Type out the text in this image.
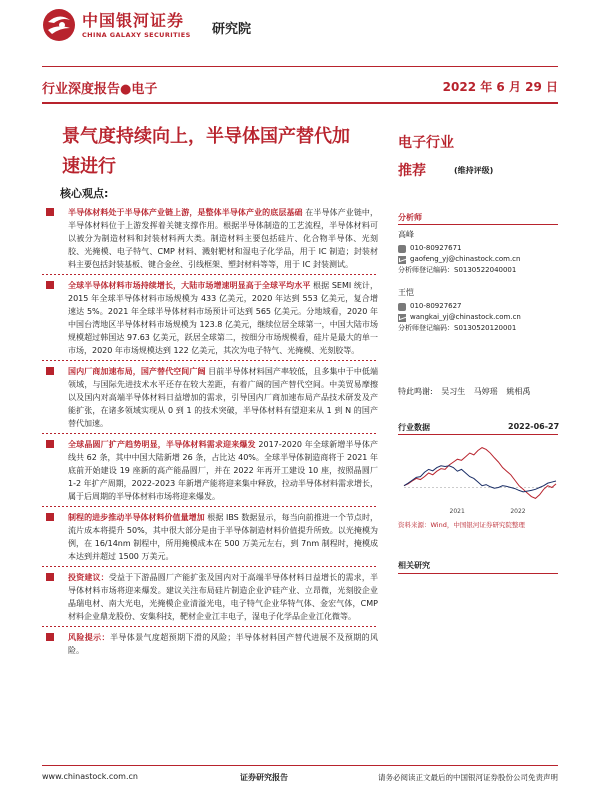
中国银河证券
CHINA GALAXY SECURITIES 研究院
行业深度报告●电子	2022 年 6 月 29 日
景气度持续向上，半导体国产替代加速进行
核心观点:
电子行业
推荐	(维持评级)
分析师
高峰
010-80927671
gaofeng_yj@chinastock.com.cn
分析师登记编码：S0130522040001
王恺
010-80927627
wangkai_yj@chinastock.com.cn
分析师登记编码：S0130520120001
特此鸣谢: 吴习生 马婷瑶 姚相禹
行业数据	2022-06-27
2021	2022
资料来源：Wind，中国银河证券研究院整理
相关研究
半导体材料处于半导体产业链上游，是整体半导体产业的底层基础 在半导体产业链中，半导体材料位于上游发挥着关键支撑作用。根据半导体制造的工艺流程，半导体材料可以被分为制造材料和封装材料两大类。制造材料主要包括硅片、化合物半导体、光刻胶、光掩模、电子特气、CMP 材料、溅射靶材和湿电子化学品，用于 IC 制造；封装材料主要包括封装基板、键合金丝、引线框架、塑封材料等等，用于 IC 封装测试。
全球半导体材料市场持续增长，大陆市场增速明显高于全球平均水平 根据 SEMI 统计，2015 年全球半导体材料市场规模为 433 亿美元，2020 年达到 553 亿美元，复合增速达 5%。2021 年全球半导体材料市场预计可达到 565 亿美元。分地域看，2020 年中国台湾地区半导体材料市场规模为 123.8 亿美元，继续位居全球第一，中国大陆市场规模超过韩国达 97.63 亿美元，跃居全球第二，按细分市场规模看，硅片是最大的单一市场，2020 年市场规模达到 122 亿美元，其次为电子特气、光掩模、光刻胶等。
国内厂商加速布局，国产替代空间广阔 目前半导体材料国产率较低，且多集中于中低端领域，与国际先进技术水平还存在较大差距，有着广阔的国产替代空间。中美贸易摩擦以及国内对高端半导体材料日益增加的需求，引导国内厂商加速布局产品技术研发及产能扩张，在诸多领域实现从 0 到 1 的技术突破，半导体材料有望迎来从 1 到 N 的国产替代加速。
全球晶圆厂扩产趋势明显，半导体材料需求迎来爆发 2017-2020 年全球新增半导体产线共 62 条，其中中国大陆新增 26 条，占比达 40%。全球半导体制造商将于 2021 年底前开始建设 19 座新的高产能晶圆厂，并在 2022 年再开工建设 10 座，按照晶圆厂 1-2 年扩产周期，2022-2023 年新增产能将迎来集中释放，拉动半导体材料需求增长，属于后周期的半导体材料市场将迎来爆发。
制程的进步推动半导体材料价值量增加 根据 IBS 数据显示，每当向前推进一个节点时，流片成本将提升 50%，其中很大部分是由于半导体制造材料价值提升所致。以光掩模为例，在 16/14nm 制程中，所用掩模成本在 500 万美元左右，到 7nm 制程时，掩模成本达到并超过 1500 万美元。
投资建议：受益于下游晶圆厂产能扩张及国内对于高端半导体材料日益增长的需求，半导体材料市场将迎来爆发。建议关注布局硅片制造企业沪硅产业、立昂微，光刻胶企业晶瑞电材、南大光电，光掩模企业清溢光电，电子特气企业华特气体、金宏气体，CMP 材料企业鼎龙股份、安集科技，靶材企业江丰电子，湿电子化学品企业江化微等。
风险提示：半导体景气度超预期下滑的风险；半导体材料国产替代进展不及预期的风险。
www.chinastock.com.cn	证券研究报告	请务必阅读正文最后的中国银河证券股份公司免责声明
